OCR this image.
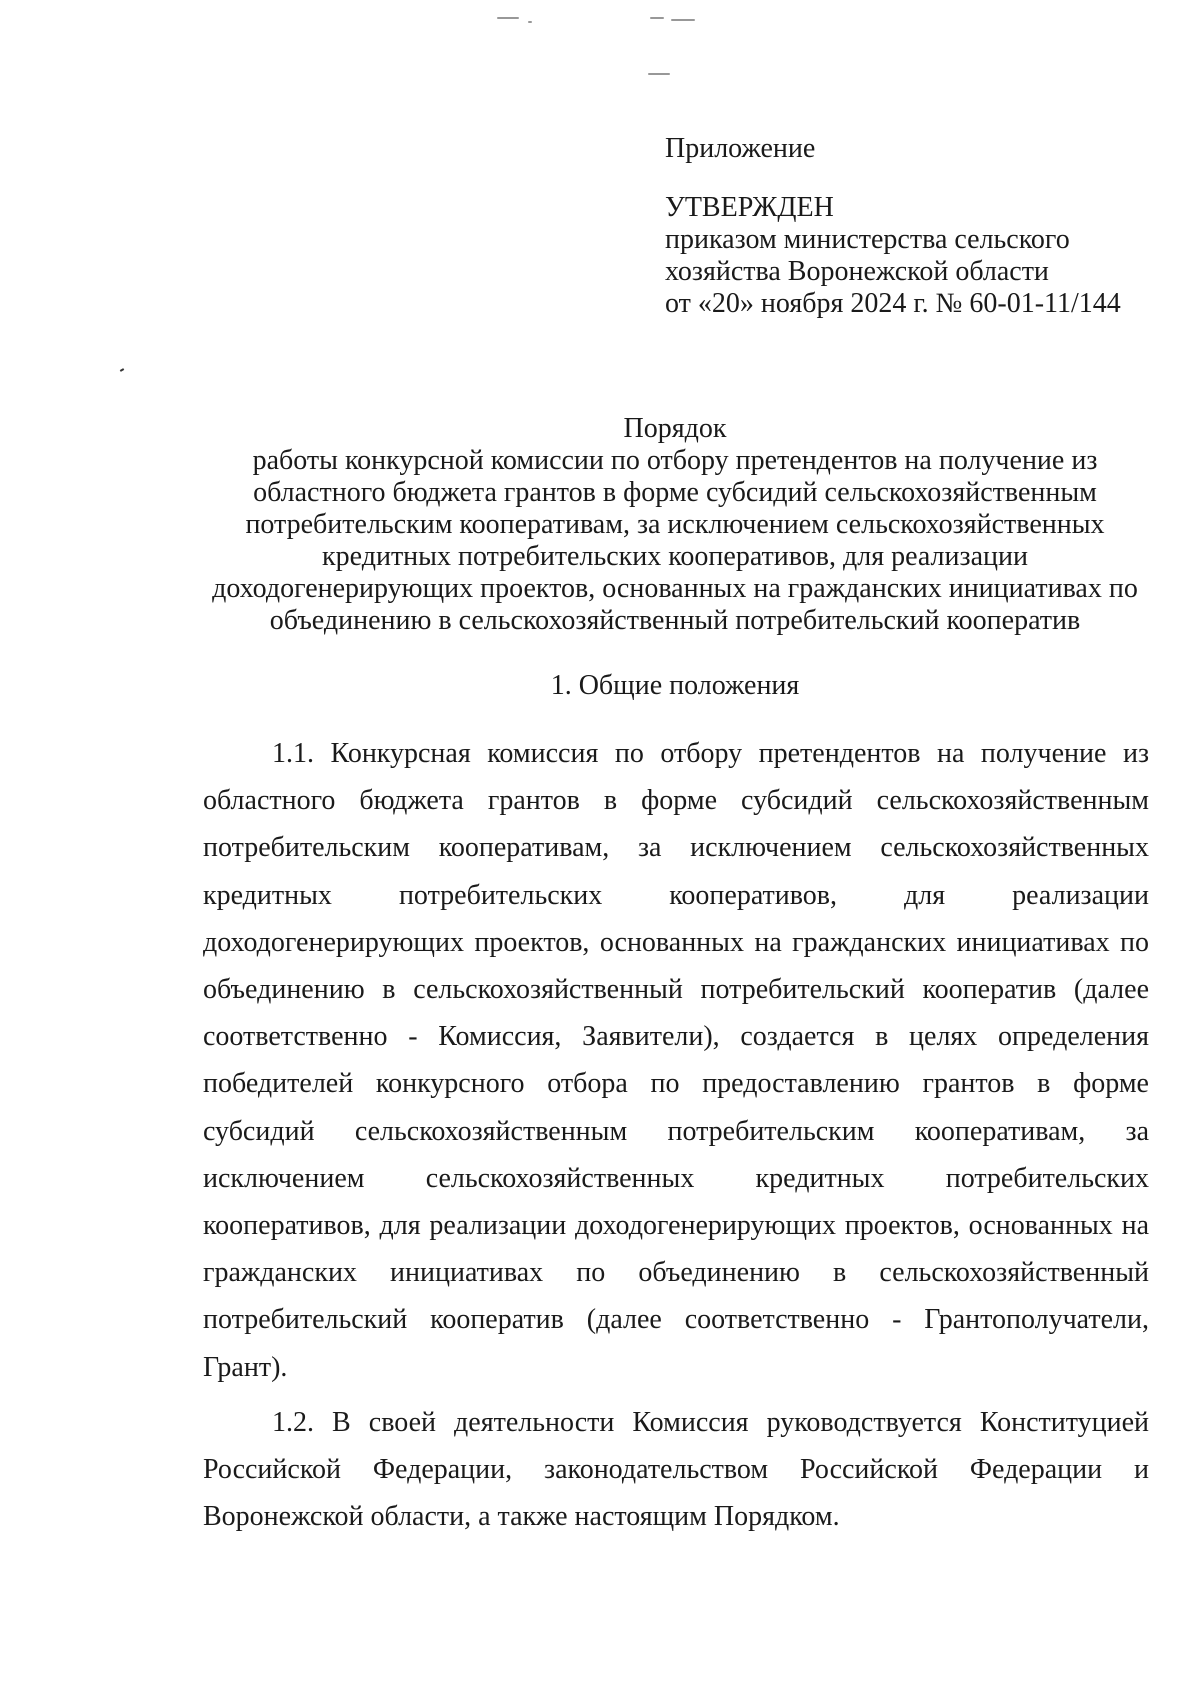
Приложение

УТВЕРЖДЕН

приказом министерства сельского

хозяйства Воронежской области

от «20» ноября 2024 г. № 60-01-11/144

Порядок

работы конкурсной комиссии по отбору претендентов на получение из

областного бюджета грантов в форме субсидий сельскохозяйственным

потребительским кооперативам, за исключением сельскохозяйственных

кредитных потребительских кооперативов, для реализации

доходогенерирующих проектов, основанных на гражданских инициативах по

объединению в сельскохозяйственный потребительский кооператив

1. Общие положения

1.1. Конкурсная комиссия по отбору претендентов на получение из областного бюджета грантов в форме субсидий сельскохозяйственным потребительским кооперативам, за исключением сельскохозяйственных кредитных потребительских кооперативов, для реализации доходогенерирующих проектов, основанных на гражданских инициативах по объединению в сельскохозяйственный потребительский кооператив (далее соответственно - Комиссия, Заявители), создается в целях определения победителей конкурсного отбора по предоставлению грантов в форме субсидий сельскохозяйственным потребительским кооперативам, за исключением сельскохозяйственных кредитных потребительских кооперативов, для реализации доходогенерирующих проектов, основанных на гражданских инициативах по объединению в сельскохозяйственный потребительский кооператив (далее соответственно - Грантополучатели, Грант).

1.2. В своей деятельности Комиссия руководствуется Конституцией Российской Федерации, законодательством Российской Федерации и Воронежской области, а также настоящим Порядком.
